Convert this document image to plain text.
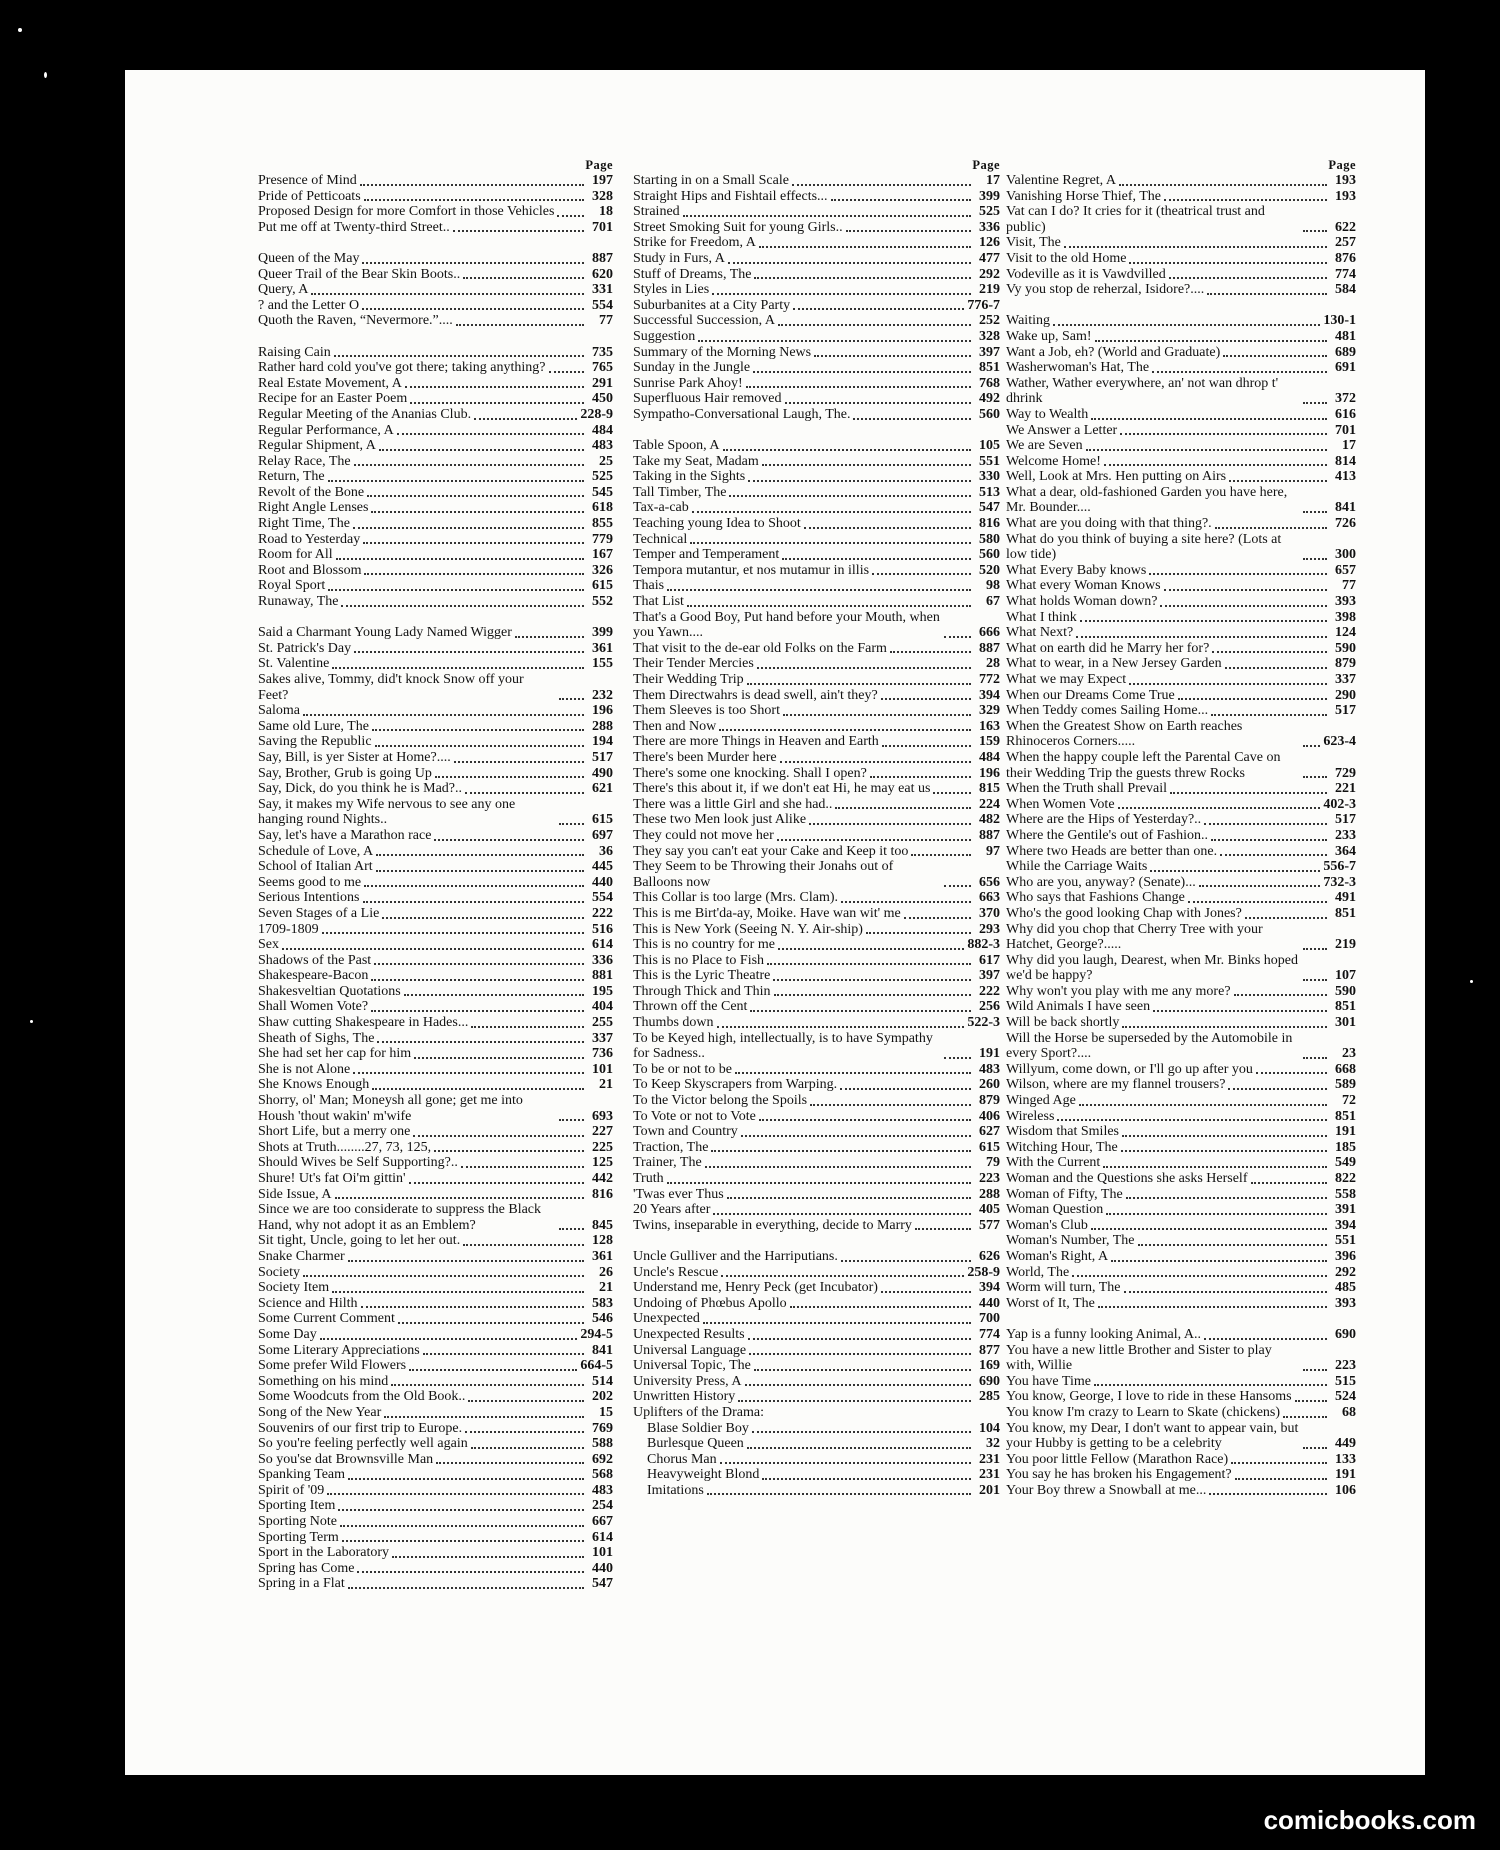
Page
Presence of Mind	197
Pride of Petticoats	328
Proposed Design for more Comfort in those Vehicles	18
Put me off at Twenty-third Street..	701
Queen of the May	887
Queer Trail of the Bear Skin Boots..	620
Query, A	331
? and the Letter O	554
Quoth the Raven, “Nevermore.”....	77
Raising Cain	735
Rather hard cold you've got there; taking anything?	765
Real Estate Movement, A	291
Recipe for an Easter Poem	450
Regular Meeting of the Ananias Club.	228-9
Regular Performance, A	484
Regular Shipment, A	483
Relay Race, The	25
Return, The	525
Revolt of the Bone	545
Right Angle Lenses	618
Right Time, The	855
Road to Yesterday	779
Room for All	167
Root and Blossom	326
Royal Sport	615
Runaway, The	552
Said a Charmant Young Lady Named Wigger	399
St. Patrick's Day	361
St. Valentine	155
Sakes alive, Tommy, did't knock Snow off your Feet?	232
Saloma	196
Same old Lure, The	288
Saving the Republic	194
Say, Bill, is yer Sister at Home?....	517
Say, Brother, Grub is going Up	490
Say, Dick, do you think he is Mad?..	621
Say, it makes my Wife nervous to see any one hanging round Nights..	615
Say, let's have a Marathon race	697
Schedule of Love, A	36
School of Italian Art	445
Seems good to me	440
Serious Intentions	554
Seven Stages of a Lie	222
1709-1809	516
Sex	614
Shadows of the Past	336
Shakespeare-Bacon	881
Shakesveltian Quotations	195
Shall Women Vote?	404
Shaw cutting Shakespeare in Hades...	255
Sheath of Sighs, The	337
She had set her cap for him	736
She is not Alone	101
She Knows Enough	21
Shorry, ol' Man; Moneysh all gone; get me into Housh 'thout wakin' m'wife	693
Short Life, but a merry one	227
Shots at Truth........27, 73, 125,	225
Should Wives be Self Supporting?..	125
Shure! Ut's fat Oi'm gittin'	442
Side Issue, A	816
Since we are too considerate to suppress the Black Hand, why not adopt it as an Emblem?	845
Sit tight, Uncle, going to let her out.	128
Snake Charmer	361
Society	26
Society Item	21
Science and Hilth	583
Some Current Comment	546
Some Day	294-5
Some Literary Appreciations	841
Some prefer Wild Flowers	664-5
Something on his mind	514
Some Woodcuts from the Old Book..	202
Song of the New Year	15
Souvenirs of our first trip to Europe.	769
So you're feeling perfectly well again	588
So you'se dat Brownsville Man	692
Spanking Team	568
Spirit of '09	483
Sporting Item	254
Sporting Note	667
Sporting Term	614
Sport in the Laboratory	101
Spring has Come	440
Spring in a Flat	547
Page
Starting in on a Small Scale	17
Straight Hips and Fishtail effects...	399
Strained	525
Street Smoking Suit for young Girls..	336
Strike for Freedom, A	126
Study in Furs, A	477
Stuff of Dreams, The	292
Styles in Lies	219
Suburbanites at a City Party	776-7
Successful Succession, A	252
Suggestion	328
Summary of the Morning News	397
Sunday in the Jungle	851
Sunrise Park Ahoy!	768
Superfluous Hair removed	492
Sympatho-Conversational Laugh, The.	560
Table Spoon, A	105
Take my Seat, Madam	551
Taking in the Sights	330
Tall Timber, The	513
Tax-a-cab	547
Teaching young Idea to Shoot	816
Technical	580
Temper and Temperament	560
Tempora mutantur, et nos mutamur in illis	520
Thais	98
That List	67
That's a Good Boy, Put hand before your Mouth, when you Yawn....	666
That visit to the de-ear old Folks on the Farm	887
Their Tender Mercies	28
Their Wedding Trip	772
Them Directwahrs is dead swell, ain't they?	394
Them Sleeves is too Short	329
Then and Now	163
There are more Things in Heaven and Earth	159
There's been Murder here	484
There's some one knocking. Shall I open?	196
There's this about it, if we don't eat Hi, he may eat us	815
There was a little Girl and she had..	224
These two Men look just Alike	482
They could not move her	887
They say you can't eat your Cake and Keep it too	97
They Seem to be Throwing their Jonahs out of Balloons now	656
This Collar is too large (Mrs. Clam).	663
This is me Birt'da-ay, Moike. Have wan wit' me	370
This is New York (Seeing N. Y. Air-ship)	293
This is no country for me	882-3
This is no Place to Fish	617
This is the Lyric Theatre	397
Through Thick and Thin	222
Thrown off the Cent	256
Thumbs down	522-3
To be Keyed high, intellectually, is to have Sympathy for Sadness..	191
To be or not to be	483
To Keep Skyscrapers from Warping.	260
To the Victor belong the Spoils	879
To Vote or not to Vote	406
Town and Country	627
Traction, The	615
Trainer, The	79
Truth	223
'Twas ever Thus	288
20 Years after	405
Twins, inseparable in everything, decide to Marry	577
Uncle Gulliver and the Harriputians.	626
Uncle's Rescue	258-9
Understand me, Henry Peck (get Incubator)	394
Undoing of Phœbus Apollo	440
Unexpected	700
Unexpected Results	774
Universal Language	877
Universal Topic, The	169
University Press, A	690
Unwritten History	285
Uplifters of the Drama:
Blase Soldier Boy	104
Burlesque Queen	32
Chorus Man	231
Heavyweight Blond	231
Imitations	201
Page
Valentine Regret, A	193
Vanishing Horse Thief, The	193
Vat can I do? It cries for it (theatrical trust and public)	622
Visit, The	257
Visit to the old Home	876
Vodeville as it is Vawdvilled	774
Vy you stop de reherzal, Isidore?....	584
Waiting	130-1
Wake up, Sam!	481
Want a Job, eh? (World and Graduate)	689
Washerwoman's Hat, The	691
Wather, Wather everywhere, an' not wan dhrop t' dhrink	372
Way to Wealth	616
We Answer a Letter	701
We are Seven	17
Welcome Home!	814
Well, Look at Mrs. Hen putting on Airs	413
What a dear, old-fashioned Garden you have here, Mr. Bounder....	841
What are you doing with that thing?.	726
What do you think of buying a site here? (Lots at low tide)	300
What Every Baby knows	657
What every Woman Knows	77
What holds Woman down?	393
What I think	398
What Next?	124
What on earth did he Marry her for?	590
What to wear, in a New Jersey Garden	879
What we may Expect	337
When our Dreams Come True	290
When Teddy comes Sailing Home...	517
When the Greatest Show on Earth reaches Rhinoceros Corners.....	623-4
When the happy couple left the Parental Cave on their Wedding Trip the guests threw Rocks	729
When the Truth shall Prevail	221
When Women Vote	402-3
Where are the Hips of Yesterday?..	517
Where the Gentile's out of Fashion..	233
Where two Heads are better than one.	364
While the Carriage Waits	556-7
Who are you, anyway? (Senate)...	732-3
Who says that Fashions Change	491
Who's the good looking Chap with Jones?	851
Why did you chop that Cherry Tree with your Hatchet, George?.....	219
Why did you laugh, Dearest, when Mr. Binks hoped we'd be happy?	107
Why won't you play with me any more?	590
Wild Animals I have seen	851
Will be back shortly	301
Will the Horse be superseded by the Automobile in every Sport?....	23
Willyum, come down, or I'll go up after you	668
Wilson, where are my flannel trousers?	589
Winged Age	72
Wireless	851
Wisdom that Smiles	191
Witching Hour, The	185
With the Current	549
Woman and the Questions she asks Herself	822
Woman of Fifty, The	558
Woman Question	391
Woman's Club	394
Woman's Number, The	551
Woman's Right, A	396
World, The	292
Worm will turn, The	485
Worst of It, The	393
Yap is a funny looking Animal, A..	690
You have a new little Brother and Sister to play with, Willie	223
You have Time	515
You know, George, I love to ride in these Hansoms	524
You know I'm crazy to Learn to Skate (chickens)	68
You know, my Dear, I don't want to appear vain, but your Hubby is getting to be a celebrity	449
You poor little Fellow (Marathon Race)	133
You say he has broken his Engagement?	191
Your Boy threw a Snowball at me...	106
comicbooks.com
